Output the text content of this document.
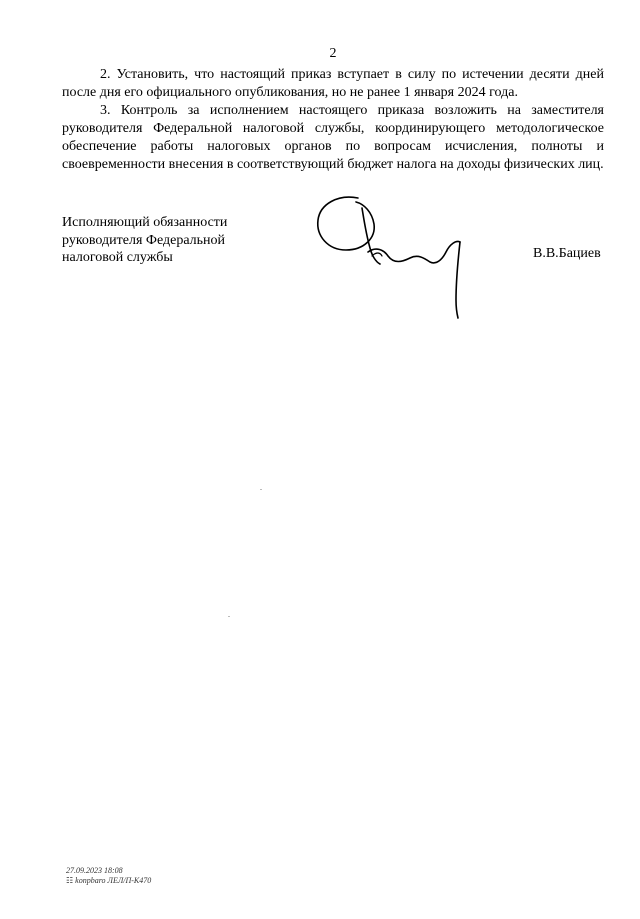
2

2. Установить, что настоящий приказ вступает в силу по истечении десяти дней после дня его официального опубликования, но не ранее 1 января 2024 года.

3. Контроль за исполнением настоящего приказа возложить на заместителя руководителя Федеральной налоговой службы, координирующего методологическое обеспечение работы налоговых органов по вопросам исчисления, полноты и своевременности внесения в соответствующий бюджет налога на доходы физических лиц.

Исполняющий обязанности
руководителя Федеральной
налоговой службы	В.В.Бациев
27.09.2023 18:08
☷ konpbaro ЛЕЛ/П-К470
